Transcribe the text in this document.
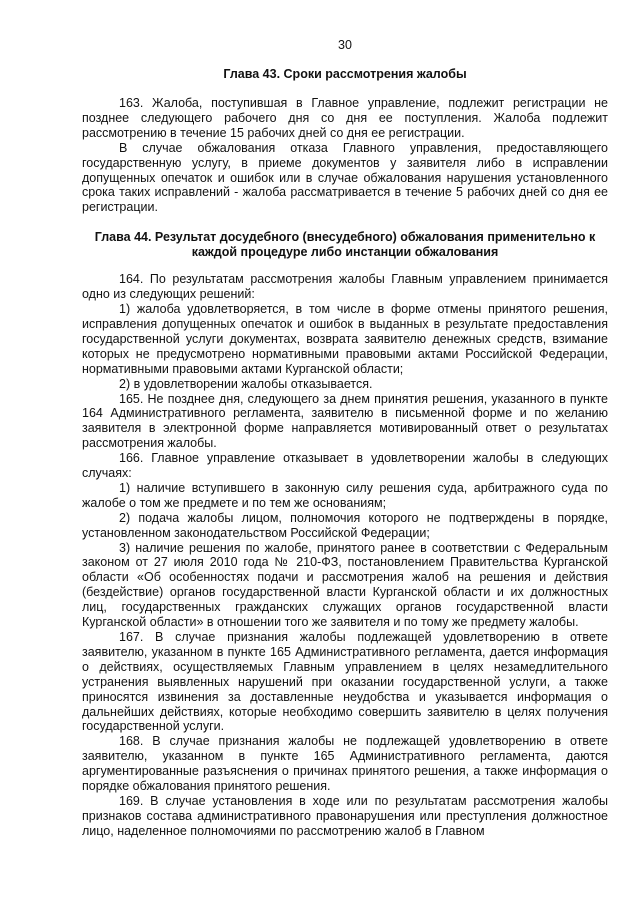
30
Глава 43. Сроки рассмотрения жалобы

163. Жалоба, поступившая в Главное управление, подлежит регистрации не позднее следующего рабочего дня со дня ее поступления. Жалоба подлежит рассмотрению в течение 15 рабочих дней со дня ее регистрации.

В случае обжалования отказа Главного управления, предоставляющего государственную услугу, в приеме документов у заявителя либо в исправлении допущенных опечаток и ошибок или в случае обжалования нарушения установленного срока таких исправлений - жалоба рассматривается в течение 5 рабочих дней со дня ее регистрации.

Глава 44. Результат досудебного (внесудебного) обжалования применительно к каждой процедуре либо инстанции обжалования

164. По результатам рассмотрения жалобы Главным управлением принимается одно из следующих решений:

1) жалоба удовлетворяется, в том числе в форме отмены принятого решения, исправления допущенных опечаток и ошибок в выданных в результате предоставления государственной услуги документах, возврата заявителю денежных средств, взимание которых не предусмотрено нормативными правовыми актами Российской Федерации, нормативными правовыми актами Курганской области;

2) в удовлетворении жалобы отказывается.

165. Не позднее дня, следующего за днем принятия решения, указанного в пункте 164 Административного регламента, заявителю в письменной форме и по желанию заявителя в электронной форме направляется мотивированный ответ о результатах рассмотрения жалобы.

166. Главное управление отказывает в удовлетворении жалобы в следующих случаях:

1) наличие вступившего в законную силу решения суда, арбитражного суда по жалобе о том же предмете и по тем же основаниям;

2) подача жалобы лицом, полномочия которого не подтверждены в порядке, установленном законодательством Российской Федерации;

3) наличие решения по жалобе, принятого ранее в соответствии с Федеральным законом от 27 июля 2010 года № 210-ФЗ, постановлением Правительства Курганской области «Об особенностях подачи и рассмотрения жалоб на решения и действия (бездействие) органов государственной власти Курганской области и их должностных лиц, государственных гражданских служащих органов государственной власти Курганской области» в отношении того же заявителя и по тому же предмету жалобы.

167. В случае признания жалобы подлежащей удовлетворению в ответе заявителю, указанном в пункте 165 Административного регламента, дается информация о действиях, осуществляемых Главным управлением в целях незамедлительного устранения выявленных нарушений при оказании государственной услуги, а также приносятся извинения за доставленные неудобства и указывается информация о дальнейших действиях, которые необходимо совершить заявителю в целях получения государственной услуги.

168. В случае признания жалобы не подлежащей удовлетворению в ответе заявителю, указанном в пункте 165 Административного регламента, даются аргументированные разъяснения о причинах принятого решения, а также информация о порядке обжалования принятого решения.

169. В случае установления в ходе или по результатам рассмотрения жалобы признаков состава административного правонарушения или преступления должностное лицо, наделенное полномочиями по рассмотрению жалоб в Главном
